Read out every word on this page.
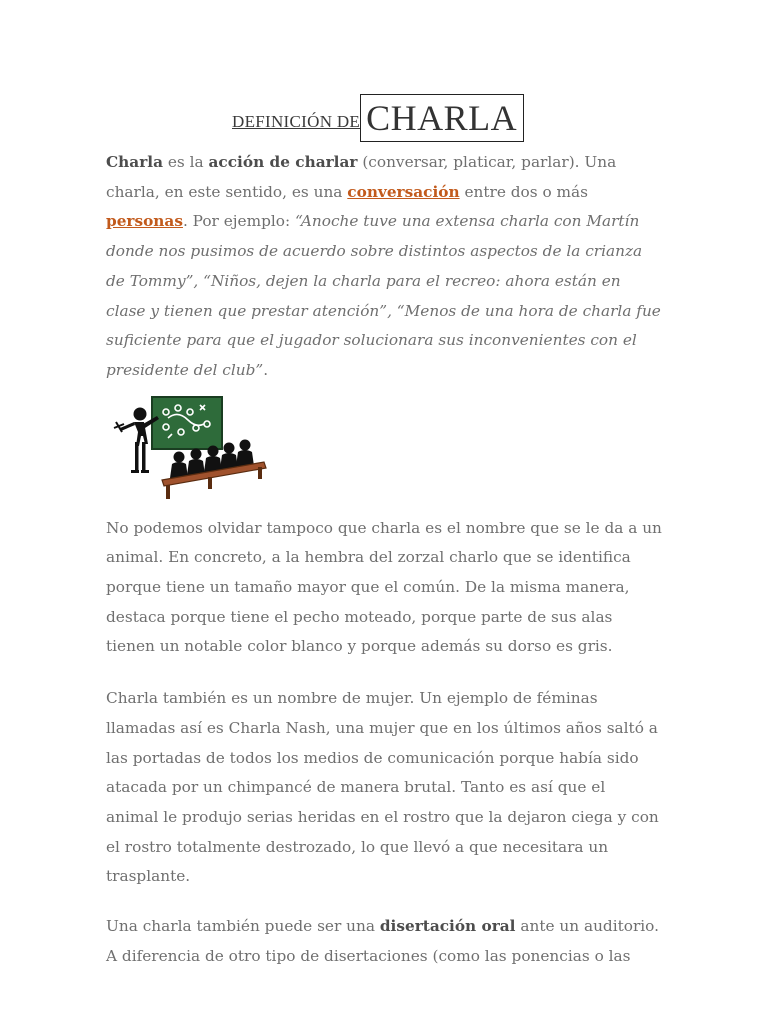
DEFINICIÓN DE CHARLA

Charla es la acción de charlar (conversar, platicar, parlar). Una charla, en este sentido, es una conversación entre dos o más personas. Por ejemplo: “Anoche tuve una extensa charla con Martín donde nos pusimos de acuerdo sobre distintos aspectos de la crianza de Tommy”, “Niños, dejen la charla para el recreo: ahora están en clase y tienen que prestar atención”, “Menos de una hora de charla fue suficiente para que el jugador solucionara sus inconvenientes con el presidente del club”.

No podemos olvidar tampoco que charla es el nombre que se le da a un animal. En concreto, a la hembra del zorzal charlo que se identifica porque tiene un tamaño mayor que el común. De la misma manera, destaca porque tiene el pecho moteado, porque parte de sus alas tienen un notable color blanco y porque además su dorso es gris.

Charla también es un nombre de mujer. Un ejemplo de féminas llamadas así es Charla Nash, una mujer que en los últimos años saltó a las portadas de todos los medios de comunicación porque había sido atacada por un chimpancé de manera brutal. Tanto es así que el animal le produjo serias heridas en el rostro que la dejaron ciega y con el rostro totalmente destrozado, lo que llevó a que necesitara un trasplante.

Una charla también puede ser una disertación oral ante un auditorio. A diferencia de otro tipo de disertaciones (como las ponencias o las
